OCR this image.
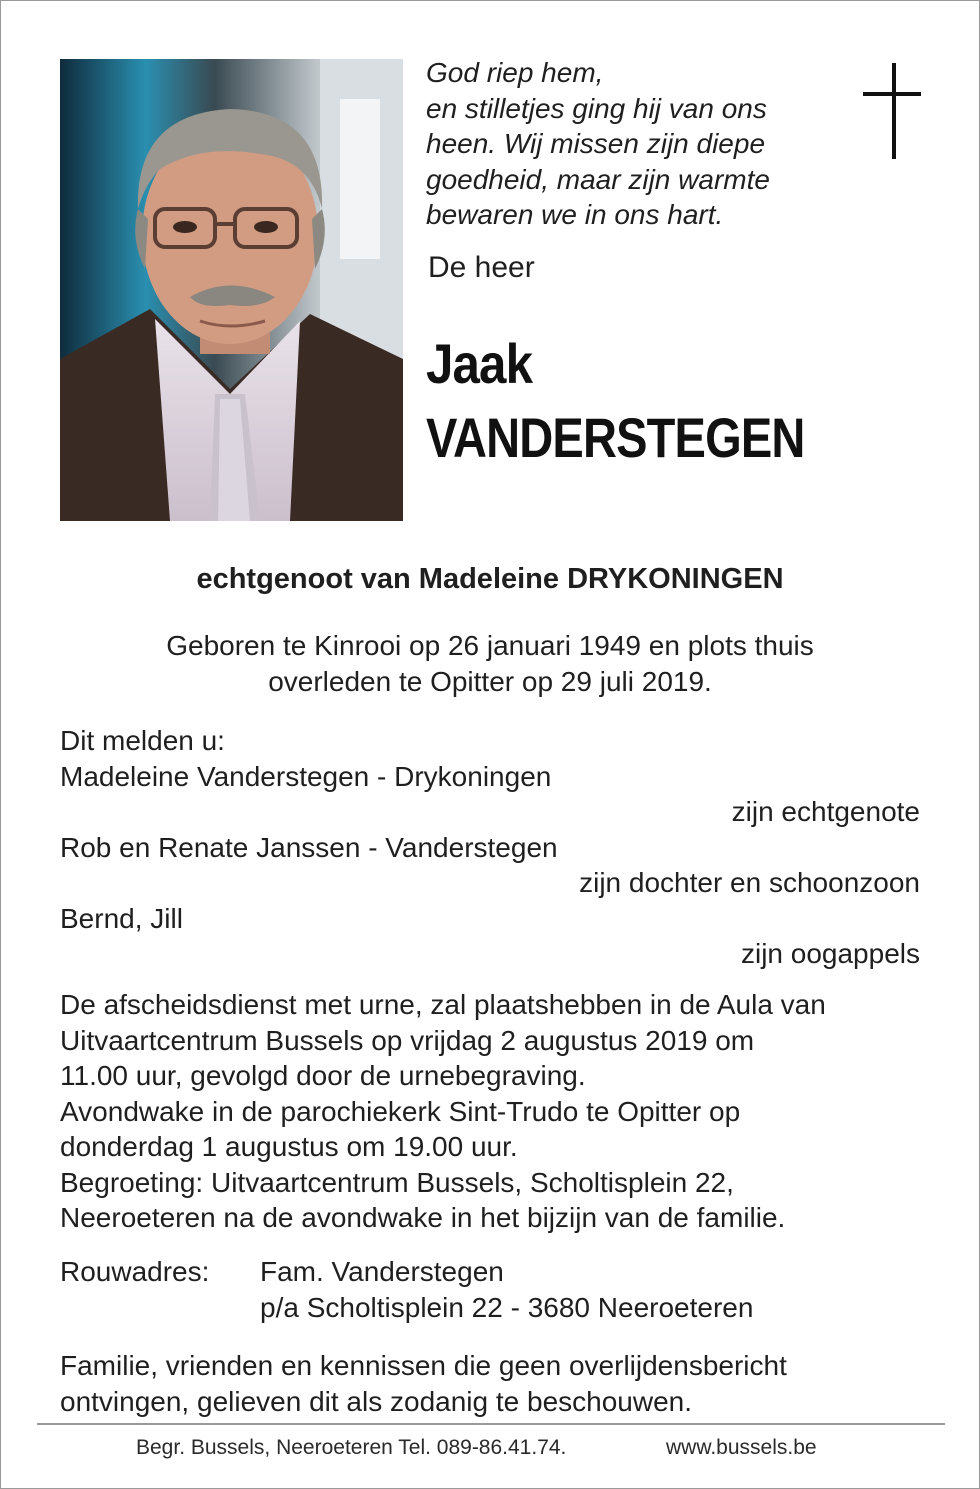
God riep hem,
en stilletjes ging hij van ons
heen. Wij missen zijn diepe
goedheid, maar zijn warmte
bewaren we in ons hart.
De heer
Jaak
VANDERSTEGEN
echtgenoot van Madeleine DRYKONINGEN
Geboren te Kinrooi op 26 januari 1949 en plots thuis
overleden te Opitter op 29 juli 2019.
Dit melden u:
Madeleine Vanderstegen - Drykoningen
zijn echtgenote
Rob en Renate Janssen - Vanderstegen
zijn dochter en schoonzoon
Bernd, Jill
zijn oogappels
De afscheidsdienst met urne, zal plaatshebben in de Aula van
Uitvaartcentrum Bussels op vrijdag 2 augustus 2019 om
11.00 uur, gevolgd door de urnebegraving.
Avondwake in de parochiekerk Sint-Trudo te Opitter op
donderdag 1 augustus om 19.00 uur.
Begroeting: Uitvaartcentrum Bussels, Scholtisplein 22,
Neeroeteren na de avondwake in het bijzijn van de familie.
Rouwadres: Fam. Vanderstegen
p/a Scholtisplein 22 - 3680 Neeroeteren
Familie, vrienden en kennissen die geen overlijdensbericht
ontvingen, gelieven dit als zodanig te beschouwen.
Begr. Bussels, Neeroeteren Tel. 089-86.41.74.	www.bussels.be
